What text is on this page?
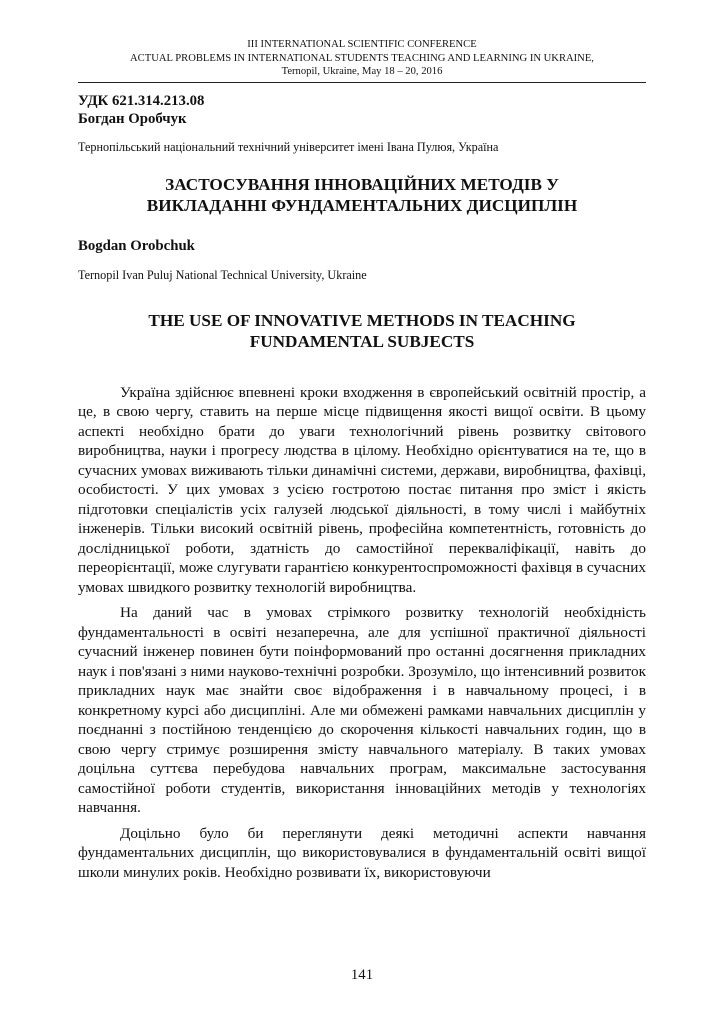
III INTERNATIONAL SCIENTIFIC CONFERENCE
ACTUAL PROBLEMS IN INTERNATIONAL STUDENTS TEACHING AND LEARNING IN UKRAINE,
Ternopil, Ukraine, May 18 – 20, 2016
УДК 621.314.213.08
Богдан Оробчук
Тернопільський національний технічний університет імені Івана Пулюя, Україна
ЗАСТОСУВАННЯ ІННОВАЦІЙНИХ МЕТОДІВ У
ВИКЛАДАННІ ФУНДАМЕНТАЛЬНИХ ДИСЦИПЛІН
Bogdan Orobchuk
Ternopil Ivan Puluj National Technical University, Ukraine
THE USE OF INNOVATIVE METHODS IN TEACHING
FUNDAMENTAL SUBJECTS

Україна здійснює впевнені кроки входження в європейський освітній простір, а це, в свою чергу, ставить на перше місце підвищення якості вищої освіти. В цьому аспекті необхідно брати до уваги технологічний рівень розвитку світового виробництва, науки і прогресу людства в цілому. Необхідно орієнтуватися на те, що в сучасних умовах виживають тільки динамічні системи, держави, виробництва, фахівці, особистості. У цих умовах з усією гостротою постає питання про зміст і якість підготовки спеціалістів усіх галузей людської діяльності, в тому числі і майбутніх інженерів. Тільки високий освітній рівень, професійна компетентність, готовність до дослідницької роботи, здатність до самостійної перекваліфікації, навіть до переорієнтації, може слугувати гарантією конкурентоспроможності фахівця в сучасних умовах швидкого розвитку технологій виробництва.

На даний час в умовах стрімкого розвитку технологій необхідність фундаментальності в освіті незаперечна, але для успішної практичної діяльності сучасний інженер повинен бути поінформований про останні досягнення прикладних наук і пов'язані з ними науково-технічні розробки. Зрозуміло, що інтенсивний розвиток прикладних наук має знайти своє відображення і в навчальному процесі, і в конкретному курсі або дисципліні. Але ми обмежені рамками навчальних дисциплін у поєднанні з постійною тенденцією до скорочення кількості навчальних годин, що в свою чергу стримує розширення змісту навчального матеріалу. В таких умовах доцільна суттєва перебудова навчальних програм, максимальне застосування самостійної роботи студентів, використання інноваційних методів у технологіях навчання.

Доцільно було би переглянути деякі методичні аспекти навчання фундаментальних дисциплін, що використовувалися в фундаментальній освіті вищої школи минулих років. Необхідно розвивати їх, використовуючи

141
